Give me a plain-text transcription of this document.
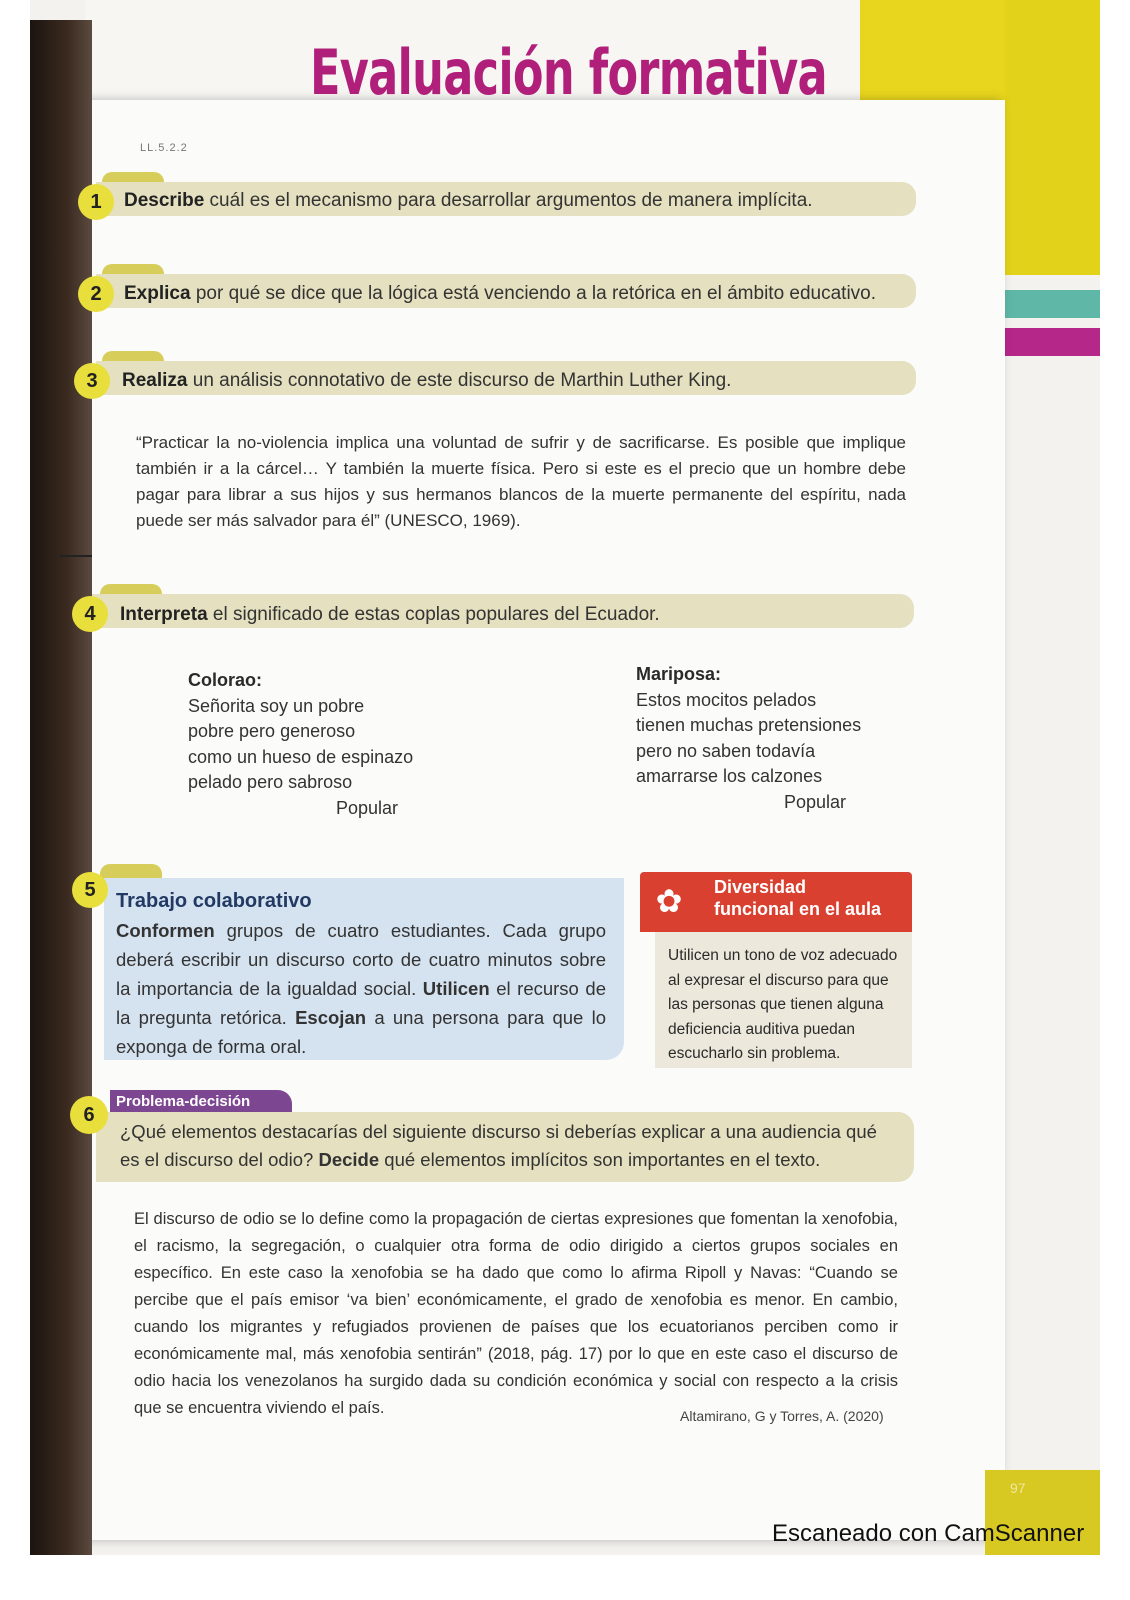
97
Evaluación formativa
LL.5.2.2
1	Describe cuál es el mecanismo para desarrollar argumentos de manera implícita.
2	Explica por qué se dice que la lógica está venciendo a la retórica en el ámbito educativo.
3	Realiza un análisis connotativo de este discurso de Marthin Luther King.
“Practicar la no-violencia implica una voluntad de sufrir y de sacrificarse. Es posible que implique también ir a la cárcel… Y también la muerte física. Pero si este es el precio que un hombre debe pagar para librar a sus hijos y sus hermanos blancos de la muerte permanente del espíritu, nada puede ser más salvador para él” (UNESCO, 1969).
4	Interpreta el significado de estas coplas populares del Ecuador.
Colorao:
Señorita soy un pobre
pobre pero generoso
como un hueso de espinazo
pelado pero sabroso
Popular
Mariposa:
Estos mocitos pelados
tienen muchas pretensiones
pero no saben todavía
amarrarse los calzones
Popular
5
Trabajo colaborativo
Conformen grupos de cuatro estudiantes. Cada grupo deberá escribir un discurso corto de cuatro minutos sobre la importancia de la igualdad social. Utilicen el recurso de la pregunta retórica. Escojan a una persona para que lo exponga de forma oral.
✿ Diversidad
funcional en el aula
Utilicen un tono de voz adecuado al expresar el discurso para que las personas que tienen alguna deficiencia auditiva puedan escucharlo sin problema.
Problema-decisión
6
¿Qué elementos destacarías del siguiente discurso si deberías explicar a una audiencia qué es el discurso del odio? Decide qué elementos implícitos son importantes en el texto.
El discurso de odio se lo define como la propagación de ciertas expresiones que fomentan la xenofobia, el racismo, la segregación, o cualquier otra forma de odio dirigido a ciertos grupos sociales en específico. En este caso la xenofobia se ha dado que como lo afirma Ripoll y Navas: “Cuando se percibe que el país emisor ‘va bien’ económicamente, el grado de xenofobia es menor. En cambio, cuando los migrantes y refugiados provienen de países que los ecuatorianos perciben como ir económicamente mal, más xenofobia sentirán” (2018, pág. 17) por lo que en este caso el discurso de odio hacia los venezolanos ha surgido dada su condición económica y social con respecto a la crisis que se encuentra viviendo el país.	Altamirano, G y Torres, A. (2020)
Escaneado con CamScanner
